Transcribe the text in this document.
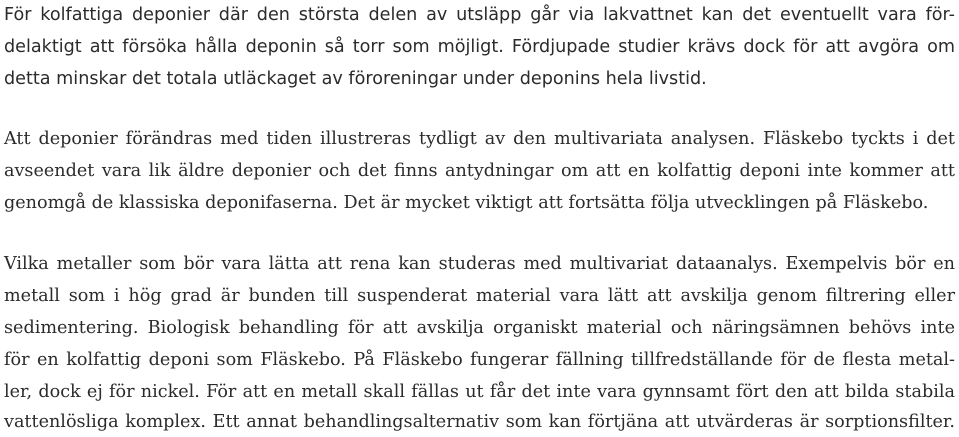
För kolfattiga deponier där den största delen av utsläpp går via lakvattnet kan det eventuellt vara för-
delaktigt att försöka hålla deponin så torr som möjligt. Fördjupade studier krävs dock för att avgöra om
detta minskar det totala utläckaget av föroreningar under deponins hela livstid.
Att deponier förändras med tiden illustreras tydligt av den multivariata analysen. Fläskebo tyckts i det
avseendet vara lik äldre deponier och det finns antydningar om att en kolfattig deponi inte kommer att
genomgå de klassiska deponifaserna. Det är mycket viktigt att fortsätta följa utvecklingen på Fläskebo.
Vilka metaller som bör vara lätta att rena kan studeras med multivariat dataanalys. Exempelvis bör en
metall som i hög grad är bunden till suspenderat material vara lätt att avskilja genom filtrering eller
sedimentering. Biologisk behandling för att avskilja organiskt material och näringsämnen behövs inte
för en kolfattig deponi som Fläskebo. På Fläskebo fungerar fällning tillfredställande för de flesta metal-
ler, dock ej för nickel. För att en metall skall fällas ut får det inte vara gynnsamt fört den att bilda stabila
vattenlösliga komplex. Ett annat behandlingsalternativ som kan förtjäna att utvärderas är sorptionsfilter.
